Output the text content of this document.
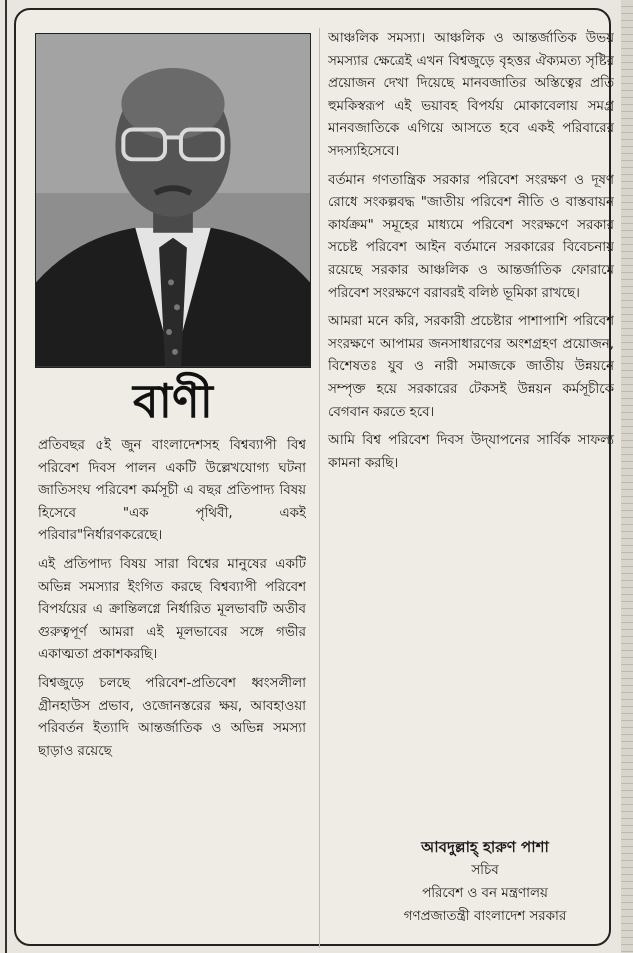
বাণী

প্রতিবছর ৫ই জুন বাংলাদেশসহ বিশ্বব্যাপী বিশ্ব পরিবেশ দিবস পালন একটি উল্লেখযোগ্য ঘটনা জাতিসংঘ পরিবেশ কর্মসূচী এ বছর প্রতিপাদ্য বিষয় হিসেবে "এক পৃথিবী, একই পরিবার"নির্ধারণকরেছে।

এই প্রতিপাদ্য বিষয় সারা বিশ্বের মানুষের একটি অভিন্ন সমস্যার ইংগিত করছে বিশ্বব্যাপী পরিবেশ বিপর্যয়ের এ ক্রান্তিলগ্নে নির্ধারিত মূলভাবটি অতীব গুরুত্বপূর্ণ আমরা এই মূলভাবের সঙ্গে গভীর একাত্মতা প্রকাশকরছি।

বিশ্বজুড়ে চলছে পরিবেশ-প্রতিবেশ ধ্বংসলীলা গ্রীনহাউস প্রভাব, ওজোনস্তরের ক্ষয়, আবহাওয়া পরিবর্তন ইত্যাদি আন্তর্জাতিক ও অভিন্ন সমস্যা ছাড়াও রয়েছে

আঞ্চলিক সমস্যা। আঞ্চলিক ও আন্তর্জাতিক উভয় সমস্যার ক্ষেত্রেই এখন বিশ্বজুড়ে বৃহত্তর ঐক্যমত্য সৃষ্টির প্রয়োজন দেখা দিয়েছে মানবজাতির অস্তিত্বের প্রতি হুমকিস্বরূপ এই ভয়াবহ বিপর্যয় মোকাবেলায় সমগ্র মানবজাতিকে এগিয়ে আসতে হবে একই পরিবারের সদস্যহিসেবে।

বর্তমান গণতান্ত্রিক সরকার পরিবেশ সংরক্ষণ ও দূষণ রোধে সংকল্পবদ্ধ "জাতীয় পরিবেশ নীতি ও বাস্তবায়ন কার্যক্রম" সমূহের মাধ্যমে পরিবেশ সংরক্ষণে সরকার সচেষ্ট পরিবেশ আইন বর্তমানে সরকারের বিবেচনায় রয়েছে সরকার আঞ্চলিক ও আন্তর্জাতিক ফোরামে পরিবেশ সংরক্ষণে বরাবরই বলিষ্ঠ ভূমিকা রাখছে।

আমরা মনে করি, সরকারী প্রচেষ্টার পাশাপাশি পরিবেশ সংরক্ষণে আপামর জনসাধারণের অংশগ্রহণ প্রয়োজন, বিশেষতঃ যুব ও নারী সমাজকে জাতীয় উন্নয়নে সম্পৃক্ত হয়ে সরকারের টেকসই উন্নয়ন কর্মসূচীকে বেগবান করতে হবে।

আমি বিশ্ব পরিবেশ দিবস উদ্‌যাপনের সার্বিক সাফল্য কামনা করছি।

আবদুল্লাহ্‌ হারুণ পাশা
সচিব
পরিবেশ ও বন মন্ত্রণালয়
গণপ্রজাতন্ত্রী বাংলাদেশ সরকার
